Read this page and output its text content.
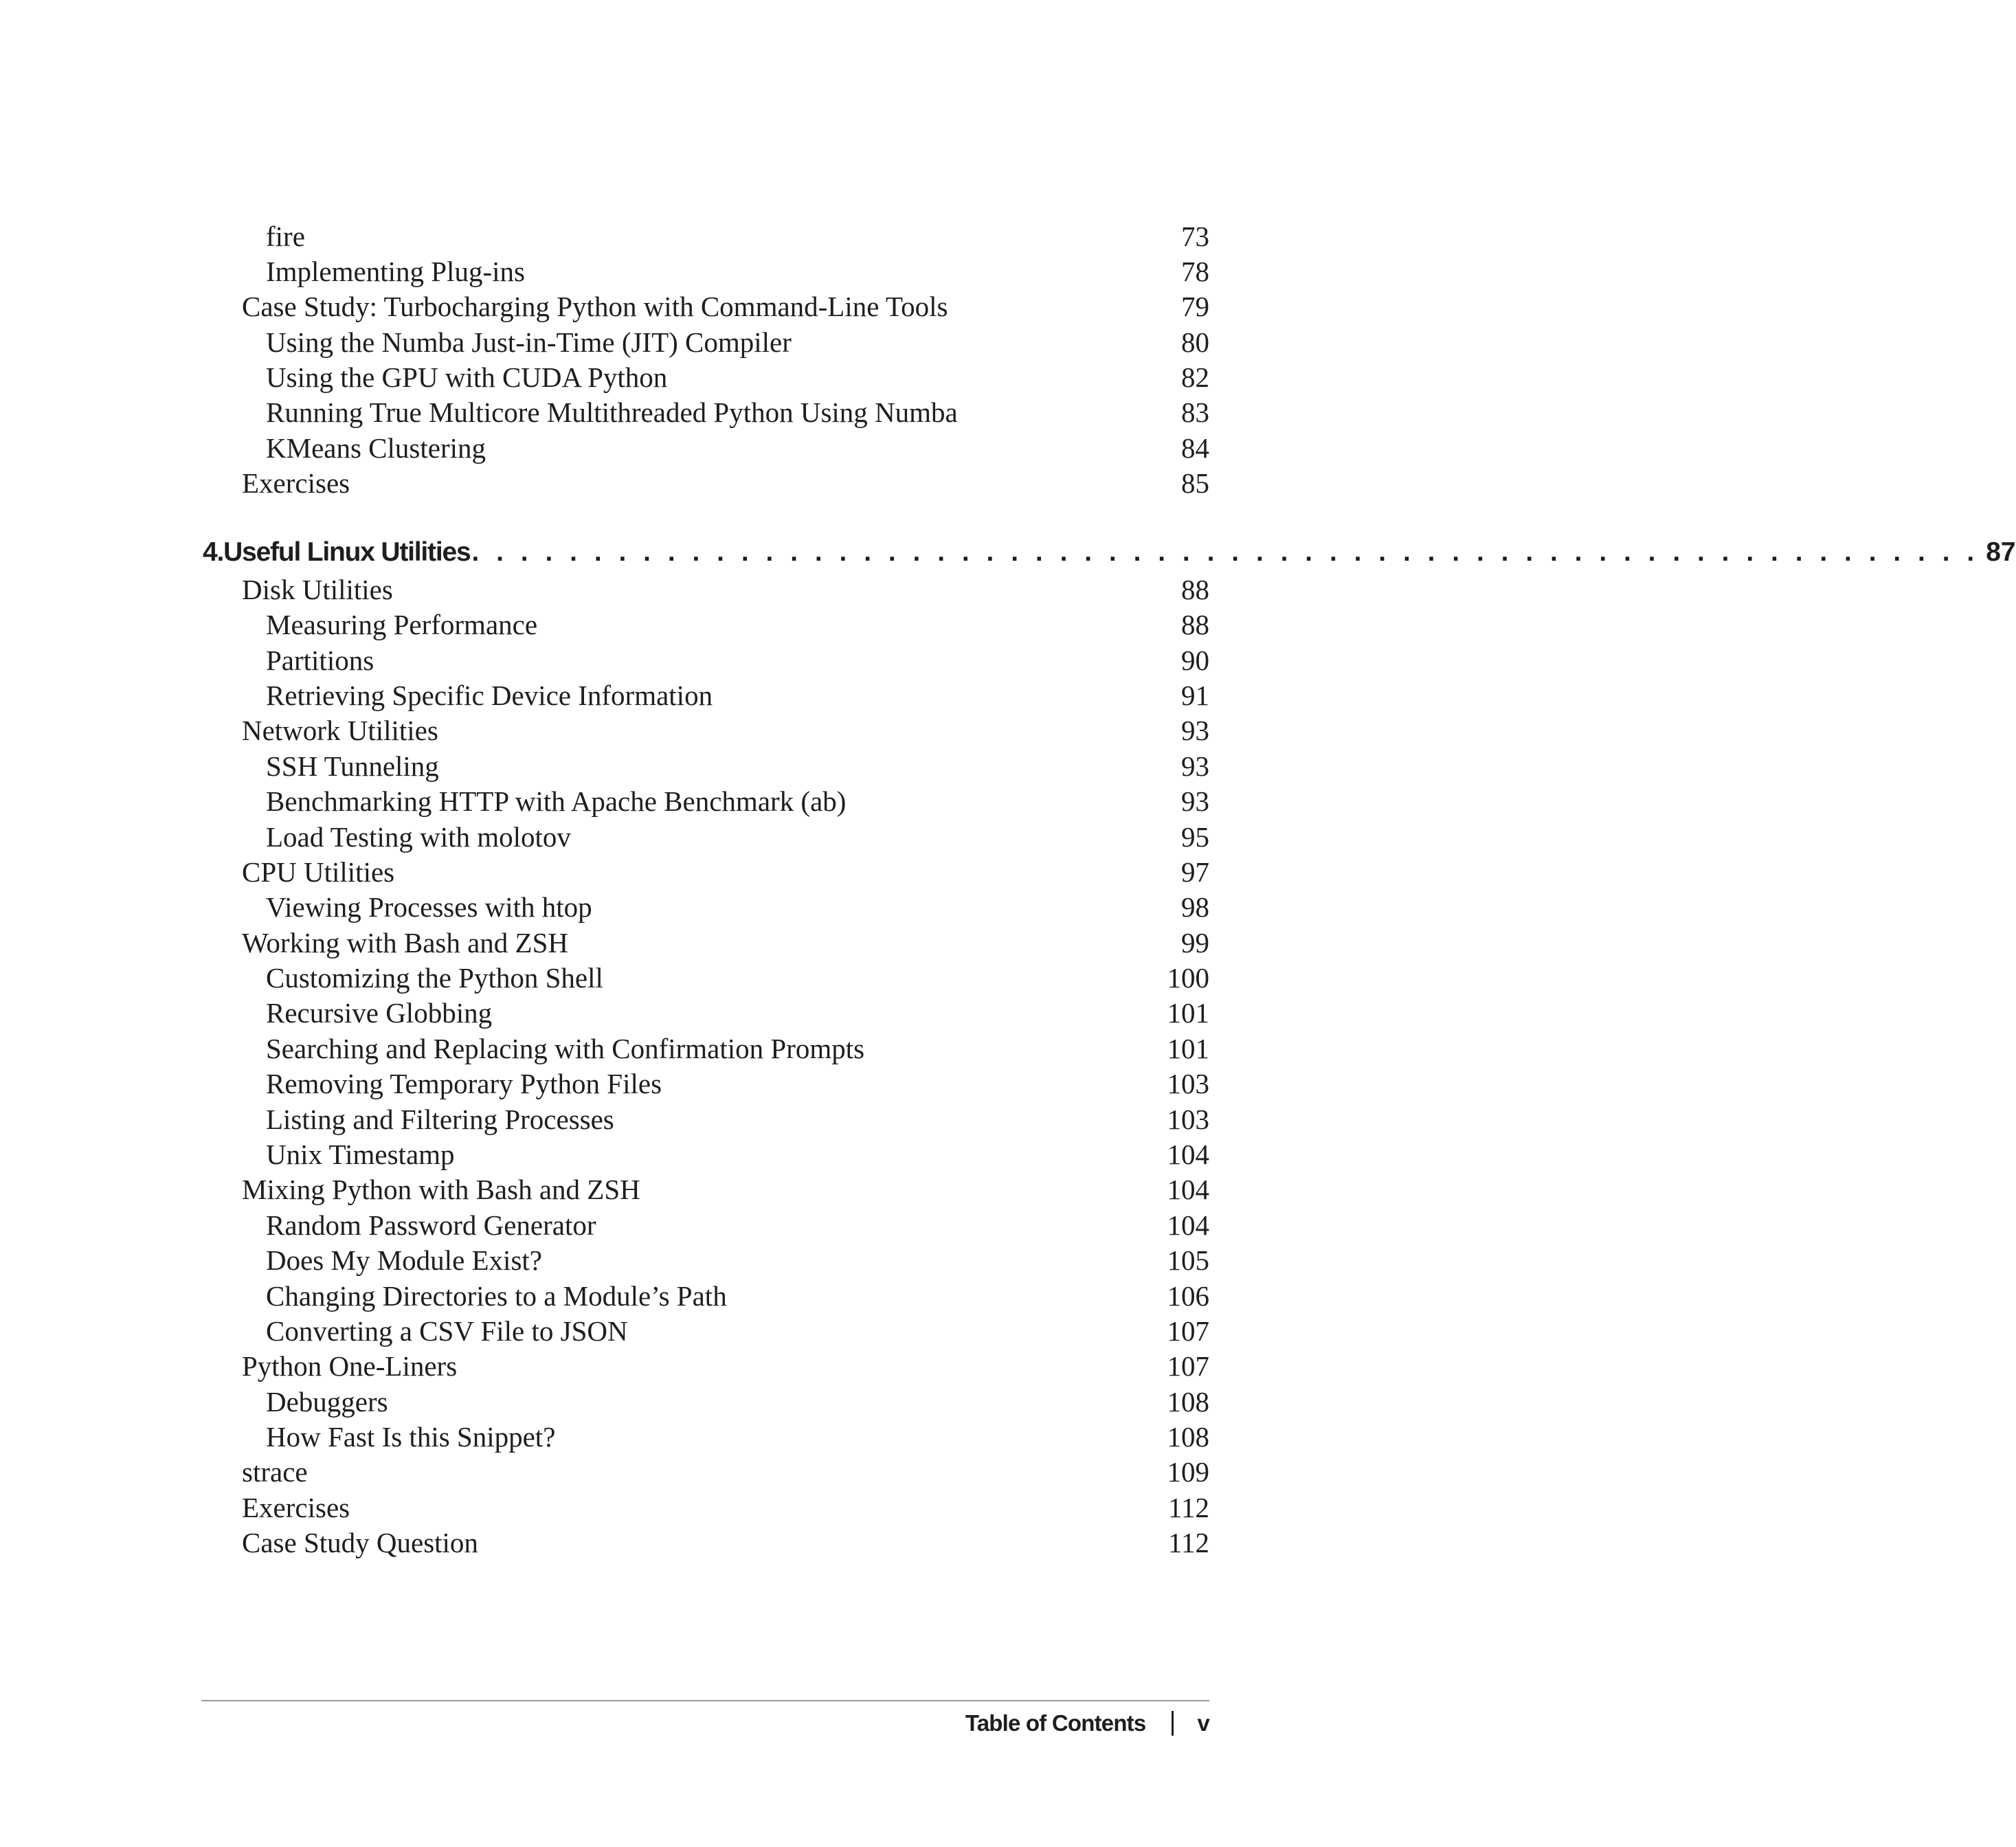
fire	73
Implementing Plug-ins	78
Case Study: Turbocharging Python with Command-Line Tools	79
Using the Numba Just-in-Time (JIT) Compiler	80
Using the GPU with CUDA Python	82
Running True Multicore Multithreaded Python Using Numba	83
KMeans Clustering	84
Exercises	85
4. Useful Linux Utilities . . . . . . . . . . . . . . . . . . . . . . . . . . . . . . . . . . . . . . . . . . . . . . . . . . . . . . . . . . . . . . 87
Disk Utilities	88
Measuring Performance	88
Partitions	90
Retrieving Specific Device Information	91
Network Utilities	93
SSH Tunneling	93
Benchmarking HTTP with Apache Benchmark (ab)	93
Load Testing with molotov	95
CPU Utilities	97
Viewing Processes with htop	98
Working with Bash and ZSH	99
Customizing the Python Shell	100
Recursive Globbing	101
Searching and Replacing with Confirmation Prompts	101
Removing Temporary Python Files	103
Listing and Filtering Processes	103
Unix Timestamp	104
Mixing Python with Bash and ZSH	104
Random Password Generator	104
Does My Module Exist?	105
Changing Directories to a Module’s Path	106
Converting a CSV File to JSON	107
Python One-Liners	107
Debuggers	108
How Fast Is this Snippet?	108
strace	109
Exercises	112
Case Study Question	112
Table of Contents v
